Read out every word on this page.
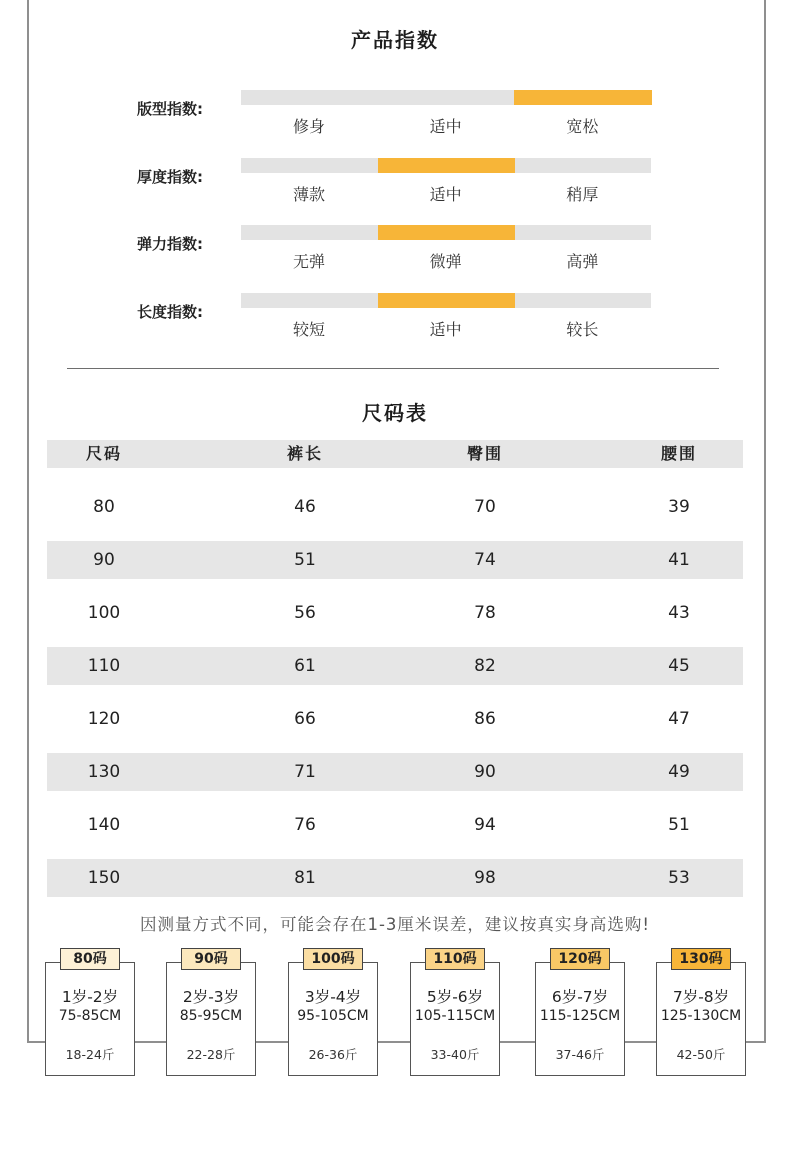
产品指数
版型指数:
修身	适中	宽松
厚度指数:
薄款	适中	稍厚
弹力指数:
无弹	微弹	高弹
长度指数:
较短	适中	较长
尺码表
尺码	裤长	臀围	腰围
80	46	70	39
90	51	74	41
100	56	78	43
110	61	82	45
120	66	86	47
130	71	90	49
140	76	94	51
150	81	98	53
因测量方式不同，可能会存在1-3厘米误差，建议按真实身高选购!
1岁-2岁
75-85CM
18-24斤
80码
2岁-3岁
85-95CM
22-28斤
90码
3岁-4岁
95-105CM
26-36斤
100码
5岁-6岁
105-115CM
33-40斤
110码
6岁-7岁
115-125CM
37-46斤
120码
7岁-8岁
125-130CM
42-50斤
130码
